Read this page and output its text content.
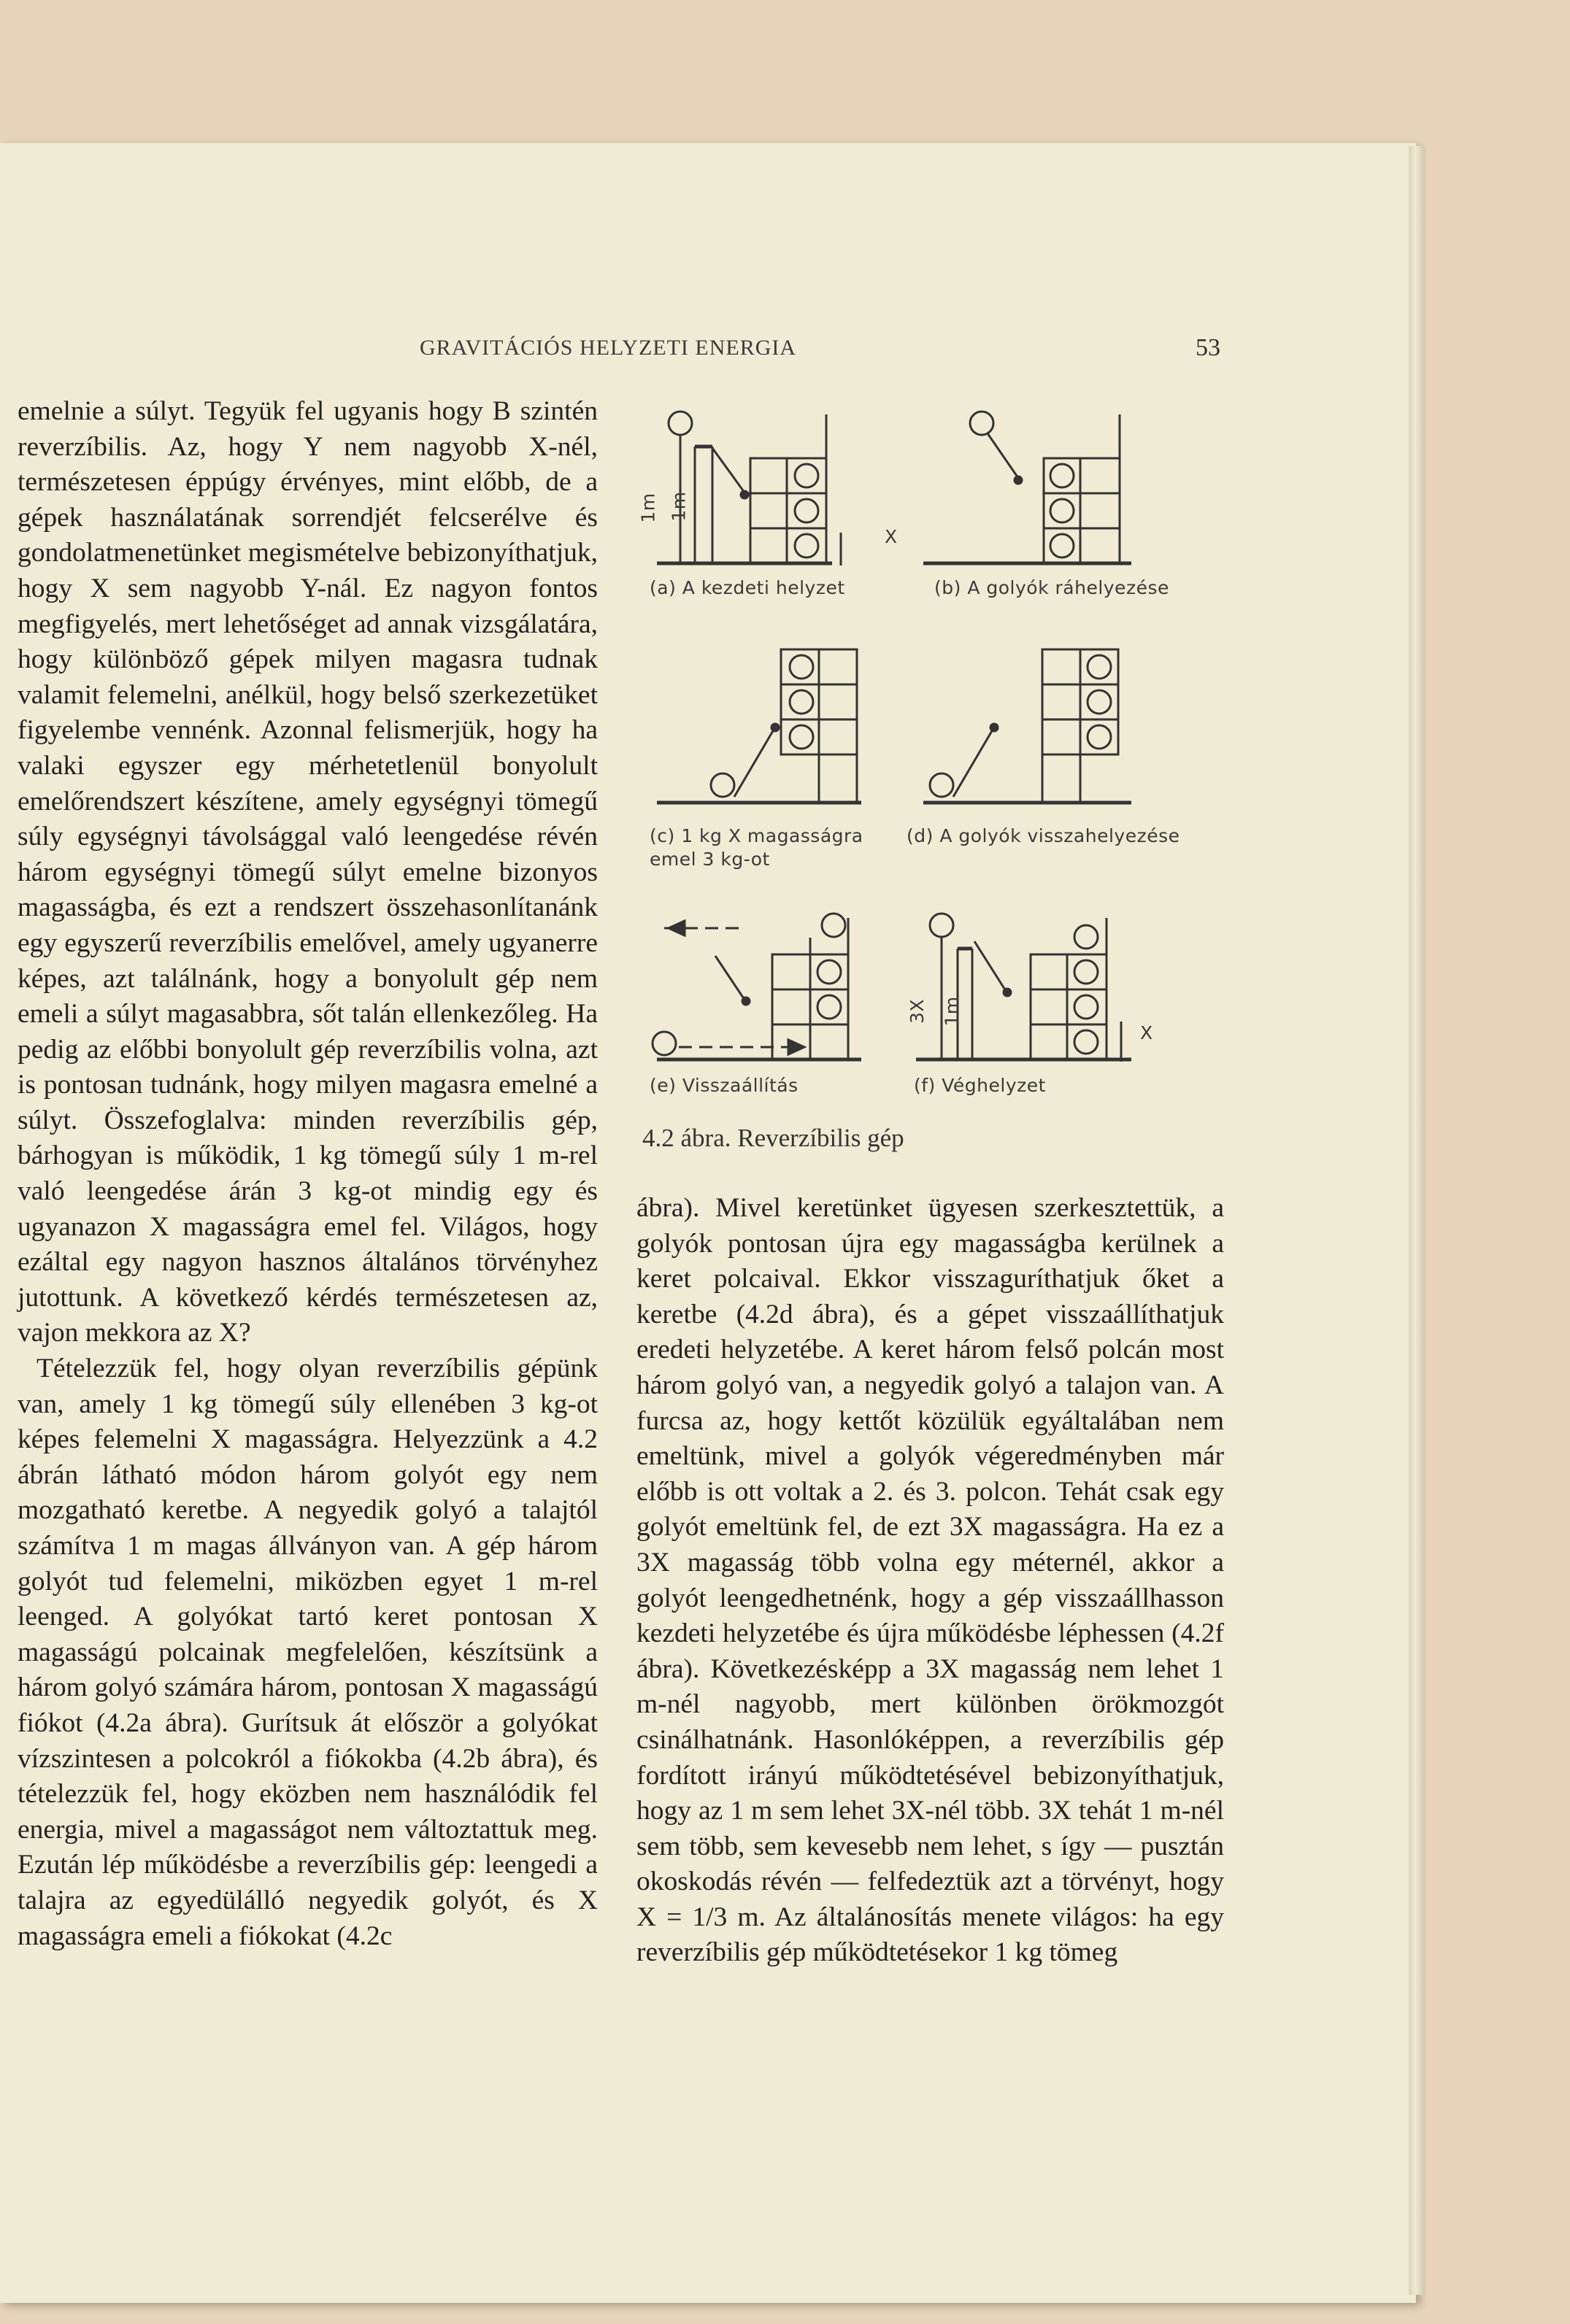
GRAVITÁCIÓS HELYZETI ENERGIA	53

emelnie a súlyt. Tegyük fel ugyanis hogy B szintén reverzíbilis. Az, hogy Y nem nagyobb X-nél, természetesen éppúgy érvényes, mint előbb, de a gépek használatának sorrendjét felcserélve és gondolatmenetünket megismételve bebizonyíthatjuk, hogy X sem nagyobb Y-nál. Ez nagyon fontos megfigyelés, mert lehetőséget ad annak vizsgálatára, hogy különböző gépek milyen magasra tudnak valamit felemelni, anélkül, hogy belső szerkezetüket figyelembe vennénk. Azonnal felismerjük, hogy ha valaki egyszer egy mérhetetlenül bonyolult emelőrendszert készítene, amely egységnyi tömegű súly egységnyi távolsággal való leengedése révén három egységnyi tömegű súlyt emelne bizonyos magasságba, és ezt a rendszert összehasonlítanánk egy egyszerű reverzíbilis emelővel, amely ugyanerre képes, azt találnánk, hogy a bonyolult gép nem emeli a súlyt magasabbra, sőt talán ellenkezőleg. Ha pedig az előbbi bonyolult gép reverzíbilis volna, azt is pontosan tudnánk, hogy milyen magasra emelné a súlyt. Összefoglalva: minden reverzíbilis gép, bárhogyan is működik, 1 kg tömegű súly 1 m-rel való leengedése árán 3 kg-ot mindig egy és ugyanazon X magasságra emel fel. Világos, hogy ezáltal egy nagyon hasznos általános törvényhez jutottunk. A következő kérdés természetesen az, vajon mekkora az X?

Tételezzük fel, hogy olyan reverzíbilis gépünk van, amely 1 kg tömegű súly ellenében 3 kg-ot képes felemelni X magasságra. Helyezzünk a 4.2 ábrán látható módon három golyót egy nem mozgatható keretbe. A negyedik golyó a talajtól számítva 1 m magas állványon van. A gép három golyót tud felemelni, miközben egyet 1 m-rel leenged. A golyókat tartó keret pontosan X magasságú polcainak megfelelően, készítsünk a három golyó számára három, pontosan X magasságú fiókot (4.2a ábra). Gurítsuk át először a golyókat vízszintesen a polcokról a fiókokba (4.2b ábra), és tételezzük fel, hogy eközben nem használódik fel energia, mivel a magasságot nem változtattuk meg. Ezután lép működésbe a reverzíbilis gép: leengedi a talajra az egyedülálló negyedik golyót, és X magasságra emeli a fiókokat (4.2c

ábra). Mivel keretünket ügyesen szerkesztettük, a golyók pontosan újra egy magasságba kerülnek a keret polcaival. Ekkor visszaguríthatjuk őket a keretbe (4.2d ábra), és a gépet visszaállíthatjuk eredeti helyzetébe. A keret három felső polcán most három golyó van, a negyedik golyó a talajon van. A furcsa az, hogy kettőt közülük egyáltalában nem emeltünk, mivel a golyók végeredményben már előbb is ott voltak a 2. és 3. polcon. Tehát csak egy golyót emeltünk fel, de ezt 3X magasságra. Ha ez a 3X magasság több volna egy méternél, akkor a golyót leengedhetnénk, hogy a gép visszaállhasson kezdeti helyzetébe és újra működésbe léphessen (4.2f ábra). Következésképp a 3X magasság nem lehet 1 m-nél nagyobb, mert különben örökmozgót csinálhatnánk. Hasonlóképpen, a reverzíbilis gép fordított irányú működtetésével bebizonyíthatjuk, hogy az 1 m sem lehet 3X-nél több. 3X tehát 1 m-nél sem több, sem kevesebb nem lehet, s így — pusztán okoskodás révén — felfedeztük azt a törvényt, hogy X = 1/3 m. Az általánosítás menete világos: ha egy reverzíbilis gép működtetésekor 1 kg tömeg

1m 1m
X
3X 1m
X
(a) A kezdeti helyzet	(b) A golyók ráhelyezése
(c) 1 kg X magasságra emel 3 kg-ot
(d) A golyók visszahelyezése
(e) Visszaállítás	(f) Véghelyzet
4.2 ábra. Reverzíbilis gép
